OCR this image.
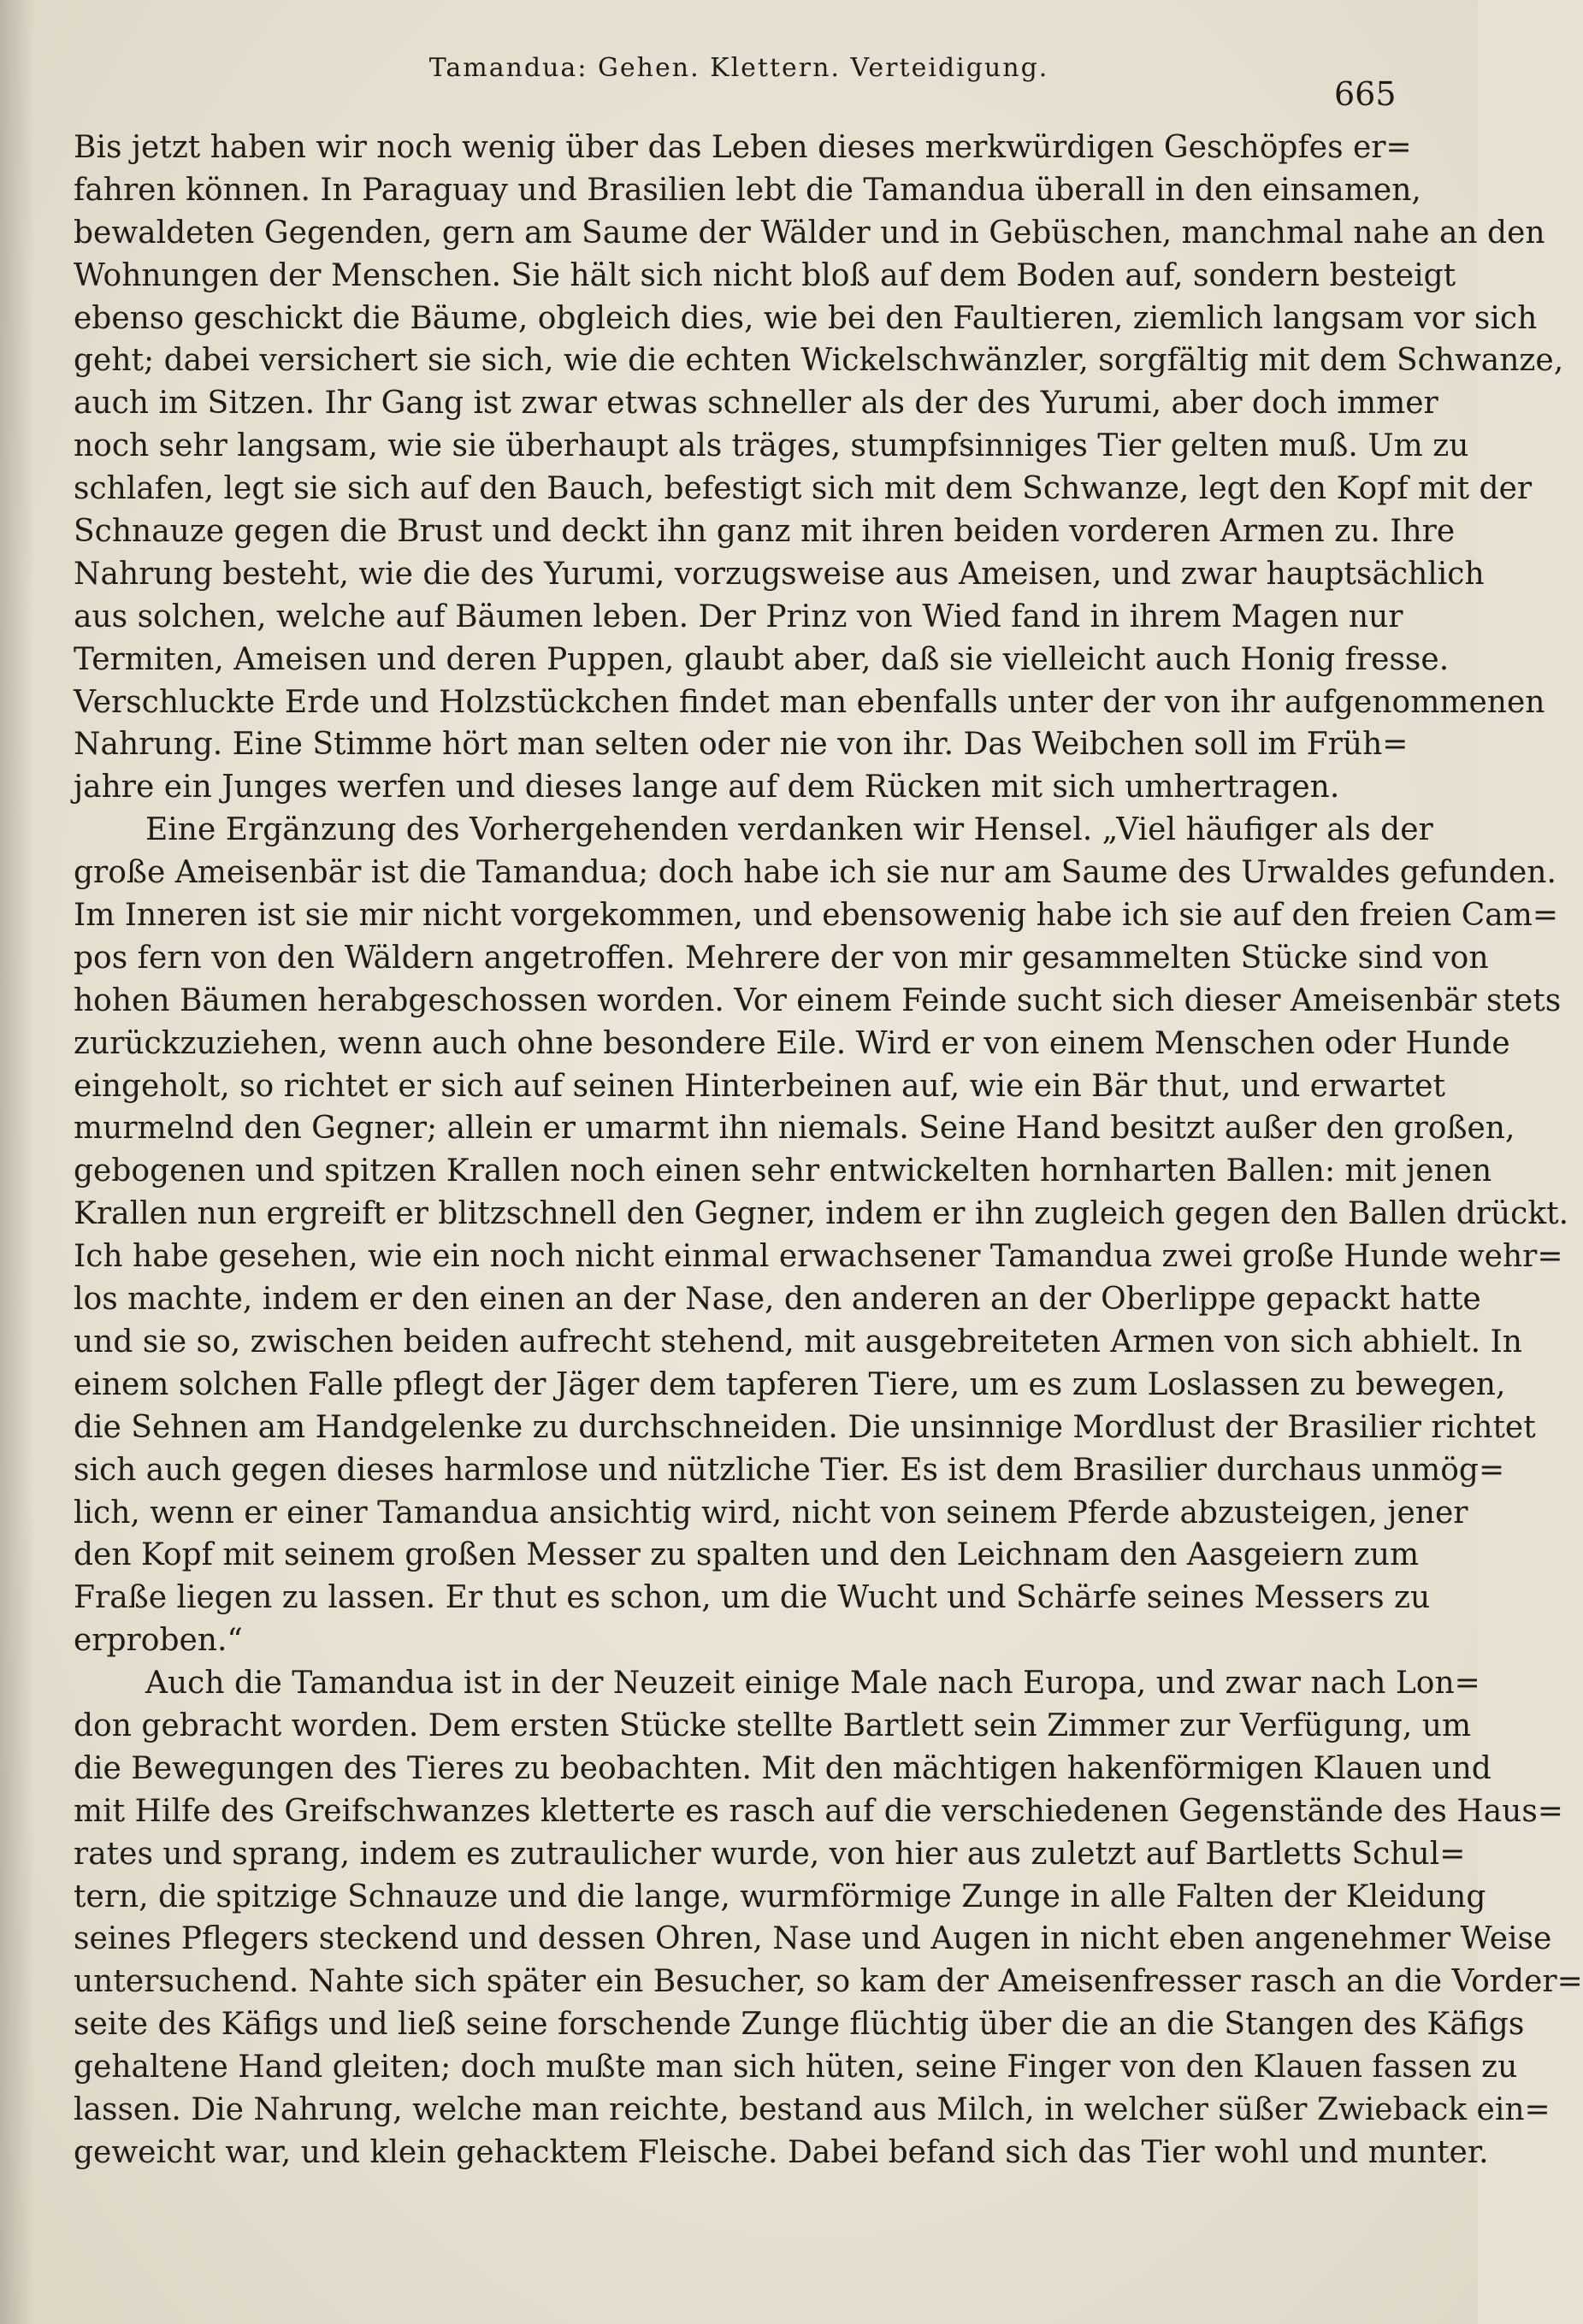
Tamandua: Gehen. Klettern. Verteidigung.
665
Bis jetzt haben wir noch wenig über das Leben dieses merkwürdigen Geschöpfes er=
fahren können. In Paraguay und Brasilien lebt die Tamandua überall in den einsamen,
bewaldeten Gegenden, gern am Saume der Wälder und in Gebüschen, manchmal nahe an den
Wohnungen der Menschen. Sie hält sich nicht bloß auf dem Boden auf, sondern besteigt
ebenso geschickt die Bäume, obgleich dies, wie bei den Faultieren, ziemlich langsam vor sich
geht; dabei versichert sie sich, wie die echten Wickelschwänzler, sorgfältig mit dem Schwanze,
auch im Sitzen. Ihr Gang ist zwar etwas schneller als der des Yurumi, aber doch immer
noch sehr langsam, wie sie überhaupt als träges, stumpfsinniges Tier gelten muß. Um zu
schlafen, legt sie sich auf den Bauch, befestigt sich mit dem Schwanze, legt den Kopf mit der
Schnauze gegen die Brust und deckt ihn ganz mit ihren beiden vorderen Armen zu. Ihre
Nahrung besteht, wie die des Yurumi, vorzugsweise aus Ameisen, und zwar hauptsächlich
aus solchen, welche auf Bäumen leben. Der Prinz von Wied fand in ihrem Magen nur
Termiten, Ameisen und deren Puppen, glaubt aber, daß sie vielleicht auch Honig fresse.
Verschluckte Erde und Holzstückchen findet man ebenfalls unter der von ihr aufgenommenen
Nahrung. Eine Stimme hört man selten oder nie von ihr. Das Weibchen soll im Früh=
jahre ein Junges werfen und dieses lange auf dem Rücken mit sich umhertragen.
Eine Ergänzung des Vorhergehenden verdanken wir Hensel. „Viel häufiger als der
große Ameisenbär ist die Tamandua; doch habe ich sie nur am Saume des Urwaldes gefunden.
Im Inneren ist sie mir nicht vorgekommen, und ebensowenig habe ich sie auf den freien Cam=
pos fern von den Wäldern angetroffen. Mehrere der von mir gesammelten Stücke sind von
hohen Bäumen herabgeschossen worden. Vor einem Feinde sucht sich dieser Ameisenbär stets
zurückzuziehen, wenn auch ohne besondere Eile. Wird er von einem Menschen oder Hunde
eingeholt, so richtet er sich auf seinen Hinterbeinen auf, wie ein Bär thut, und erwartet
murmelnd den Gegner; allein er umarmt ihn niemals. Seine Hand besitzt außer den großen,
gebogenen und spitzen Krallen noch einen sehr entwickelten hornharten Ballen: mit jenen
Krallen nun ergreift er blitzschnell den Gegner, indem er ihn zugleich gegen den Ballen drückt.
Ich habe gesehen, wie ein noch nicht einmal erwachsener Tamandua zwei große Hunde wehr=
los machte, indem er den einen an der Nase, den anderen an der Oberlippe gepackt hatte
und sie so, zwischen beiden aufrecht stehend, mit ausgebreiteten Armen von sich abhielt. In
einem solchen Falle pflegt der Jäger dem tapferen Tiere, um es zum Loslassen zu bewegen,
die Sehnen am Handgelenke zu durchschneiden. Die unsinnige Mordlust der Brasilier richtet
sich auch gegen dieses harmlose und nützliche Tier. Es ist dem Brasilier durchaus unmög=
lich, wenn er einer Tamandua ansichtig wird, nicht von seinem Pferde abzusteigen, jener
den Kopf mit seinem großen Messer zu spalten und den Leichnam den Aasgeiern zum
Fraße liegen zu lassen. Er thut es schon, um die Wucht und Schärfe seines Messers zu
erproben.“
Auch die Tamandua ist in der Neuzeit einige Male nach Europa, und zwar nach Lon=
don gebracht worden. Dem ersten Stücke stellte Bartlett sein Zimmer zur Verfügung, um
die Bewegungen des Tieres zu beobachten. Mit den mächtigen hakenförmigen Klauen und
mit Hilfe des Greifschwanzes kletterte es rasch auf die verschiedenen Gegenstände des Haus=
rates und sprang, indem es zutraulicher wurde, von hier aus zuletzt auf Bartletts Schul=
tern, die spitzige Schnauze und die lange, wurmförmige Zunge in alle Falten der Kleidung
seines Pflegers steckend und dessen Ohren, Nase und Augen in nicht eben angenehmer Weise
untersuchend. Nahte sich später ein Besucher, so kam der Ameisenfresser rasch an die Vorder=
seite des Käfigs und ließ seine forschende Zunge flüchtig über die an die Stangen des Käfigs
gehaltene Hand gleiten; doch mußte man sich hüten, seine Finger von den Klauen fassen zu
lassen. Die Nahrung, welche man reichte, bestand aus Milch, in welcher süßer Zwieback ein=
geweicht war, und klein gehacktem Fleische. Dabei befand sich das Tier wohl und munter.
